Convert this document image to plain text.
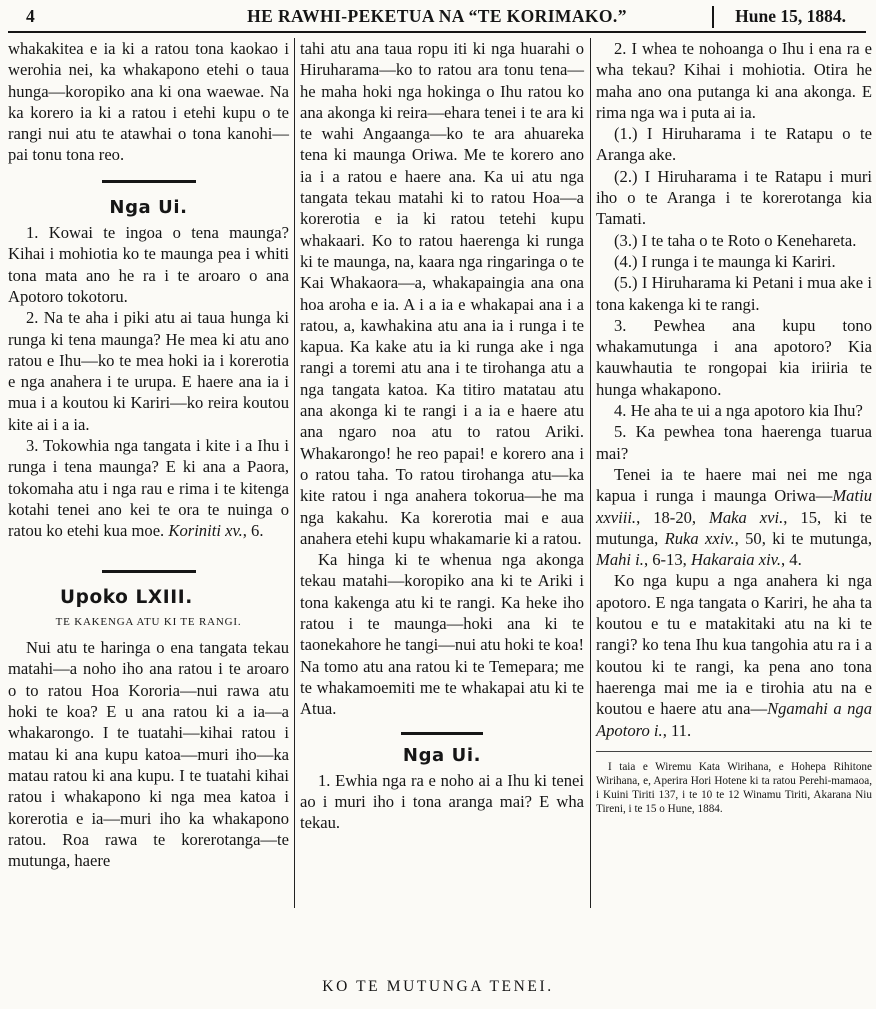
4	HE RAWHI-PEKETUA NA “TE KORIMAKO.”	Hune 15, 1884.

whakakitea e ia ki a ratou tona kaokao i werohia nei, ka whakapono etehi o taua hunga—koropiko ana ki ona waewae. Na ka korero ia ki a ratou i etehi kupu o te rangi nui atu te atawhai o tona kanohi—pai tonu tona reo.

Nga Ui.

1. Kowai te ingoa o tena maunga? Kihai i mohiotia ko te maunga pea i whiti tona mata ano he ra i te aroaro o ana Apotoro tokotoru.

2. Na te aha i piki atu ai taua hunga ki runga ki tena maunga? He mea ki atu ano ratou e Ihu—ko te mea hoki ia i korerotia e nga anahera i te urupa. E haere ana ia i mua i a koutou ki Kariri—ko reira koutou kite ai i a ia.

3. Tokowhia nga tangata i kite i a Ihu i runga i tena maunga? E ki ana a Paora, tokomaha atu i nga rau e rima i te kitenga kotahi tenei ano kei te ora te nuinga o ratou ko etehi kua moe. Koriniti xv., 6.

Upoko LXIII.
TE KAKENGA ATU KI TE RANGI.

Nui atu te haringa o ena tangata tekau matahi—a noho iho ana ratou i te aroaro o to ratou Hoa Kororia—nui rawa atu hoki te koa? E u ana ratou ki a ia—a whakarongo. I te tuatahi—kihai ratou i matau ki ana kupu katoa—muri iho—ka matau ratou ki ana kupu. I te tuatahi kihai ratou i whakapono ki nga mea katoa i korerotia e ia—muri iho ka whakapono ratou. Roa rawa te korerotanga—te mutunga, haere

tahi atu ana taua ropu iti ki nga huarahi o Hiruharama—ko to ratou ara tonu tena—he maha hoki nga hokinga o Ihu ratou ko ana akonga ki reira—ehara tenei i te ara ki te wahi Angaanga—ko te ara ahuareka tena ki maunga Oriwa. Me te korero ano ia i a ratou e haere ana. Ka ui atu nga tangata tekau matahi ki to ratou Hoa—a korerotia e ia ki ratou tetehi kupu whakaari. Ko to ratou haerenga ki runga ki te maunga, na, kaara nga ringaringa o te Kai Whakaora—a, whakapaingia ana ona hoa aroha e ia. A i a ia e whakapai ana i a ratou, a, kawhakina atu ana ia i runga i te kapua. Ka kake atu ia ki runga ake i nga rangi a toremi atu ana i te tirohanga atu a nga tangata katoa. Ka titiro matatau atu ana akonga ki te rangi i a ia e haere atu ana ngaro noa atu to ratou Ariki. Whakarongo! he reo papai! e korero ana i o ratou taha. To ratou tirohanga atu—ka kite ratou i nga anahera tokorua—he ma nga kakahu. Ka korerotia mai e aua anahera etehi kupu whakamarie ki a ratou.

Ka hinga ki te whenua nga akonga tekau matahi—koropiko ana ki te Ariki i tona kakenga atu ki te rangi. Ka heke iho ratou i te maunga—hoki ana ki te taonekahore he tangi—nui atu hoki te koa! Na tomo atu ana ratou ki te Temepara; me te whakamoemiti me te whakapai atu ki te Atua.

Nga Ui.

1. Ewhia nga ra e noho ai a Ihu ki tenei ao i muri iho i tona aranga mai? E wha tekau.

2. I whea te nohoanga o Ihu i ena ra e wha tekau? Kihai i mohiotia. Otira he maha ano ona putanga ki ana akonga. E rima nga wa i puta ai ia.

(1.) I Hiruharama i te Ratapu o te Aranga ake.

(2.) I Hiruharama i te Ratapu i muri iho o te Aranga i te korerotanga kia Tamati.

(3.) I te taha o te Roto o Kenehareta.

(4.) I runga i te maunga ki Kariri.

(5.) I Hiruharama ki Petani i mua ake i tona kakenga ki te rangi.

3. Pewhea ana kupu tono whakamutunga i ana apotoro? Kia kauwhautia te rongopai kia iriiria te hunga whakapono.

4. He aha te ui a nga apotoro kia Ihu?

5. Ka pewhea tona haerenga tuarua mai?

Tenei ia te haere mai nei me nga kapua i runga i maunga Oriwa—Matiu xxviii., 18-20, Maka xvi., 15, ki te mutunga, Ruka xxiv., 50, ki te mutunga, Mahi i., 6-13, Hakaraia xiv., 4.

Ko nga kupu a nga anahera ki nga apotoro. E nga tangata o Kariri, he aha ta koutou e tu e matakitaki atu na ki te rangi? ko tena Ihu kua tangohia atu ra i a koutou ki te rangi, ka pena ano tona haerenga mai me ia e tirohia atu na e koutou e haere atu ana—Ngamahi a nga Apotoro i., 11.

I taia e Wiremu Kata Wirihana, e Hohepa Rihitone Wirihana, e, Aperira Hori Hotene ki ta ratou Perehi-mamaoa, i Kuini Tiriti 137, i te 10 te 12 Winamu Tiriti, Akarana Niu Tireni, i te 15 o Hune, 1884.

KO TE MUTUNGA TENEI.
